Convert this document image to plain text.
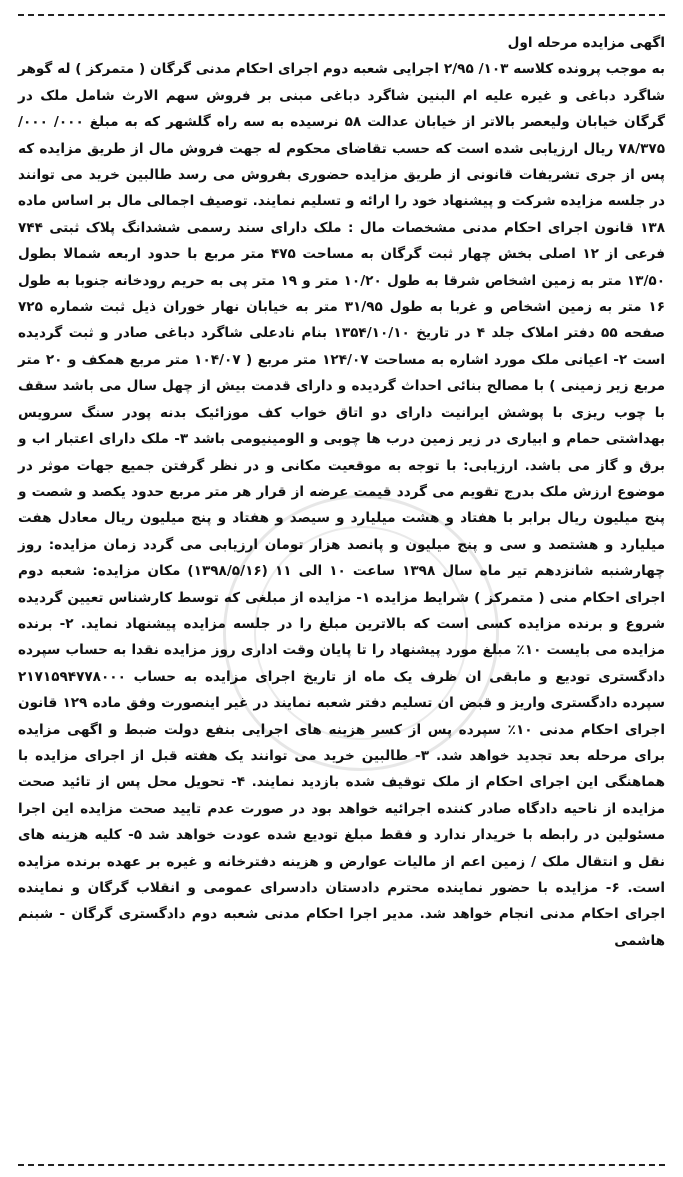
اگهی مزایده مرحله اول
به موجب پرونده کلاسه ۱۰۳/ ۲/۹۵ اجرایی شعبه دوم اجرای احکام مدنی گرگان ( متمرکز ) له گوهر شاگرد دباغی و غیره علیه ام البنین شاگرد دباغی مبنی بر فروش سهم الارث شامل ملک در گرگان خیابان ولیعصر بالاتر از خیابان عدالت ۵۸ نرسیده به سه راه گلشهر که به مبلغ ۰۰۰/ ۰۰۰/ ۷۸/۳۷۵ ریال ارزیابی شده است که حسب تقاضای محکوم له جهت فروش مال از طریق مزایده که پس از جری تشریفات قانونی از طریق مزایده حضوری بفروش می رسد طالبین خرید می توانند در جلسه مزایده شرکت و پیشنهاد خود را ارائه و تسلیم نمایند. توصیف اجمالی مال بر اساس ماده ۱۳۸ قانون اجرای احکام مدنی مشخصات مال : ملک دارای سند رسمی ششدانگ پلاک ثبتی ۷۴۴ فرعی از ۱۲ اصلی بخش چهار ثبت گرگان به مساحت ۴۷۵ متر مربع با حدود اربعه شمالا بطول ۱۳/۵۰ متر به زمین اشخاص شرقا به طول ۱۰/۲۰ متر و ۱۹ متر پی به حریم رودخانه جنوبا به طول ۱۶ متر به زمین اشخاص و غربا به طول ۳۱/۹۵ متر به خیابان نهار خوران ذیل ثبت شماره ۷۲۵ صفحه ۵۵ دفتر املاک جلد ۴ در تاریخ ۱۳۵۴/۱۰/۱۰ بنام نادعلی شاگرد دباغی صادر و ثبت گردیده است ۲- اعیانی ملک مورد اشاره به مساحت ۱۲۴/۰۷ متر مربع ( ۱۰۴/۰۷ متر مربع همکف و ۲۰ متر مربع زیر زمینی ) با مصالح بنائی احداث گردیده و دارای قدمت بیش از چهل سال می باشد سقف با چوب ریزی با پوشش ایرانیت دارای دو اتاق خواب کف موزائیک بدنه پودر سنگ سرویس بهداشتی حمام و ابیاری در زیر زمین درب ها چوبی و الومینیومی باشد ۳- ملک دارای اعتبار اب و برق و گاز می باشد. ارزیابی: با توجه به موقعیت مکانی و در نظر گرفتن جمیع جهات موثر در موضوع ارزش ملک بدرج تقویم می گردد قیمت عرضه از قرار هر متر مربع حدود یکصد و شصت و پنج میلیون ریال برابر با هفتاد و هشت میلیارد و سیصد و هفتاد و پنج میلیون ریال معادل هفت میلیارد و هشتصد و سی و پنج میلیون و پانصد هزار تومان ارزیابی می گردد زمان مزایده: روز چهارشنبه شانزدهم تیر ماه سال ۱۳۹۸ ساعت ۱۰ الی ۱۱ (۱۳۹۸/۵/۱۶) مکان مزایده: شعبه دوم اجرای احکام منی ( متمرکز ) شرایط مزایده ۱- مزایده از مبلغی که توسط کارشناس تعیین گردیده شروع و برنده مزایده کسی است که بالاترین مبلغ را در جلسه مزایده پیشنهاد نماید. ۲- برنده مزایده می بایست ۱۰٪ مبلغ مورد پیشنهاد را تا پایان وقت اداری روز مزایده نقدا به حساب سپرده دادگستری تودیع و مابقی ان ظرف یک ماه از تاریخ اجرای مزایده به حساب ۲۱۷۱۵۹۴۷۷۸۰۰۰ سپرده دادگستری واریز و قبض ان تسلیم دفتر شعبه نمایند در غیر اینصورت وفق ماده ۱۲۹ قانون اجرای احکام مدنی ۱۰٪ سپرده پس از کسر هزینه های اجرایی بنفع دولت ضبط و اگهی مزایده برای مرحله بعد تجدید خواهد شد. ۳- طالبین خرید می توانند یک هفته قبل از اجرای مزایده با هماهنگی این اجرای احکام از ملک توقیف شده بازدید نمایند. ۴- تحویل محل پس از تائید صحت مزایده از ناحیه دادگاه صادر کننده اجرائیه خواهد بود در صورت عدم تایید صحت مزایده این اجرا مسئولین در رابطه با خریدار ندارد و فقط مبلغ تودیع شده عودت خواهد شد ۵- کلیه هزینه های نقل و انتقال ملک / زمین اعم از مالیات عوارض و هزینه دفترخانه و غیره بر عهده برنده مزایده است. ۶- مزایده با حضور نماینده محترم دادستان دادسرای عمومی و انقلاب گرگان و نماینده اجرای احکام مدنی انجام خواهد شد. مدیر اجرا احکام مدنی شعبه دوم دادگستری گرگان - شبنم هاشمی
